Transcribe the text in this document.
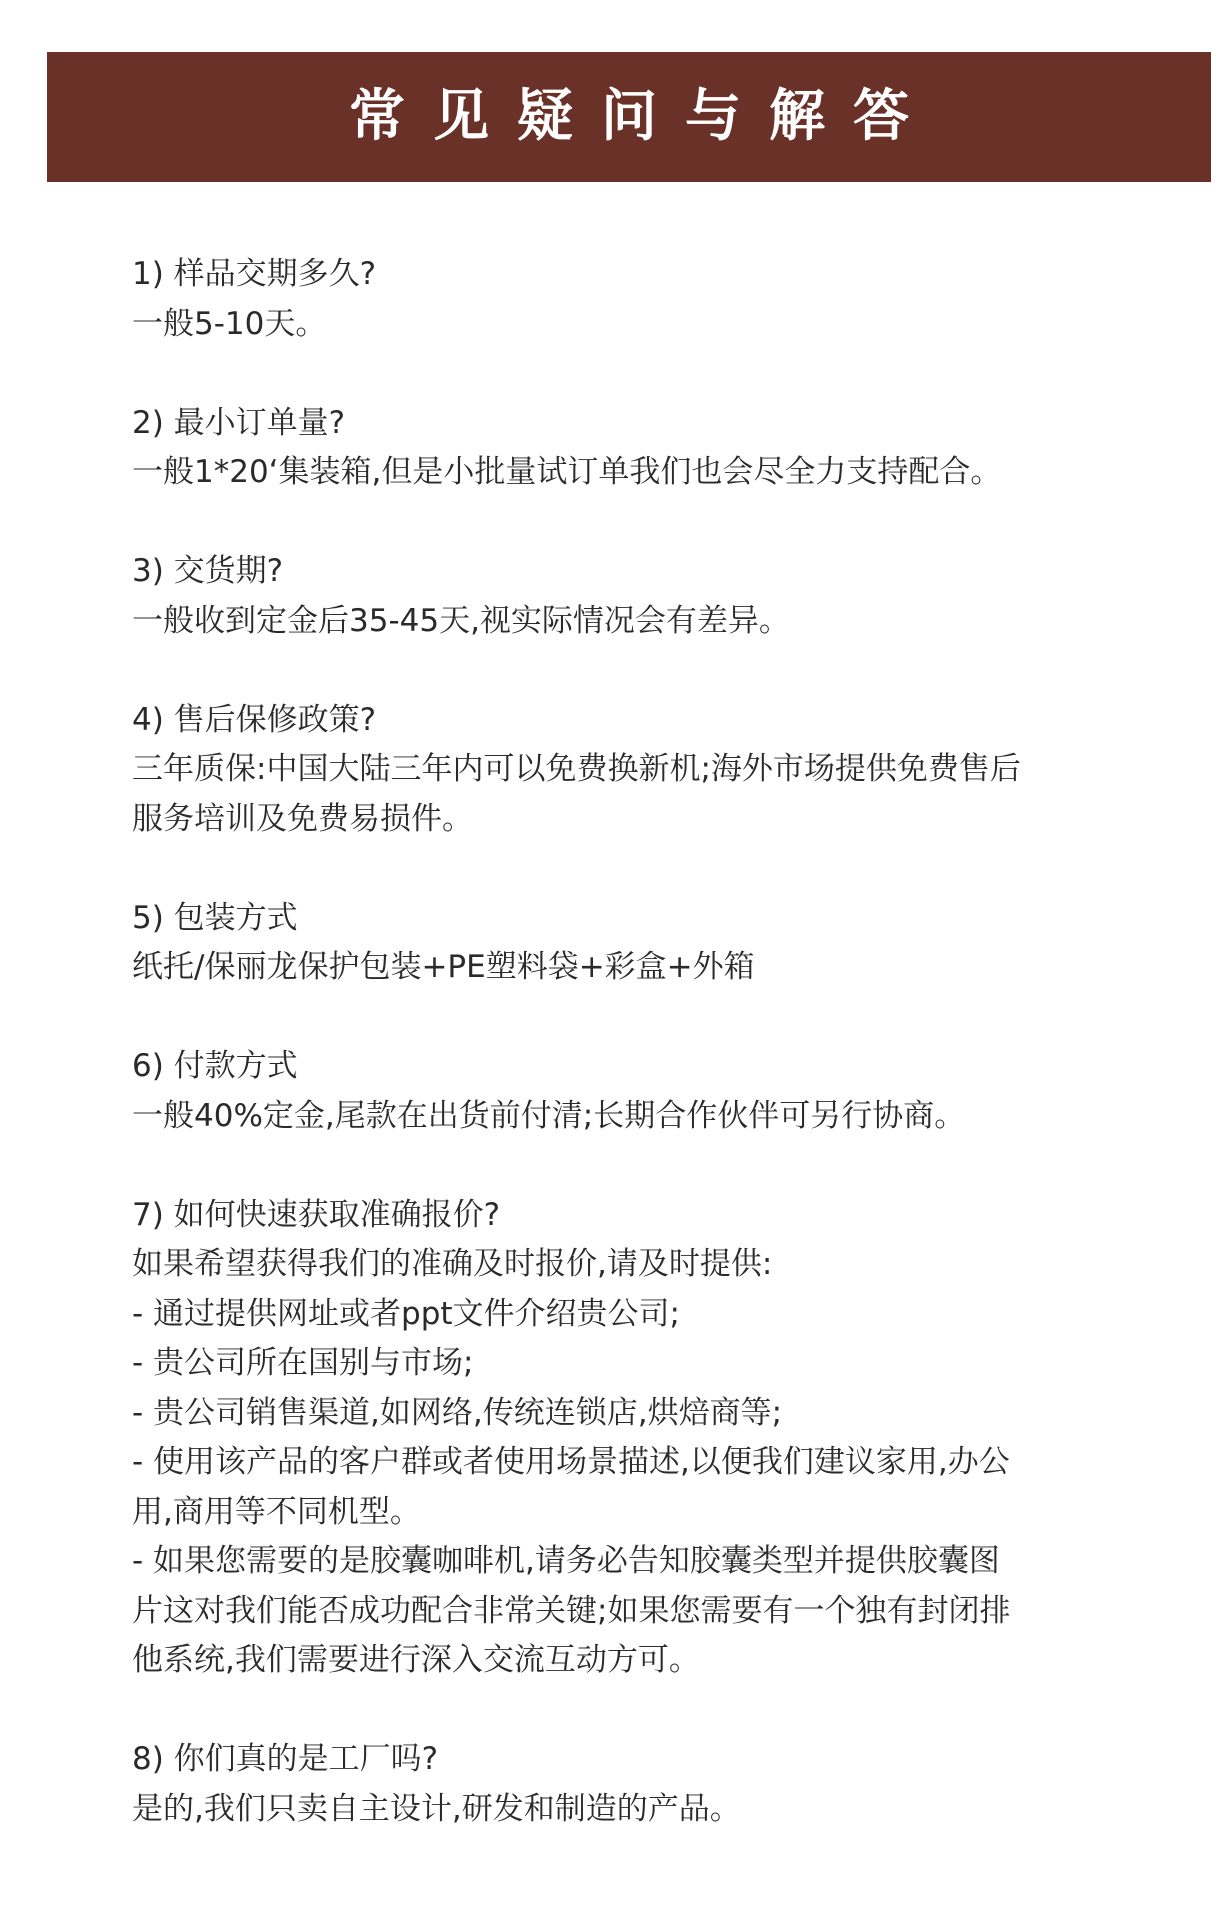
常见疑问与解答
1) 样品交期多久?
一般5-10天。
2) 最小订单量?
一般1*20‘集装箱,但是小批量试订单我们也会尽全力支持配合。
3) 交货期?
一般收到定金后35-45天,视实际情况会有差异。
4) 售后保修政策?
三年质保:中国大陆三年内可以免费换新机;海外市场提供免费售后
服务培训及免费易损件。
5) 包装方式
纸托/保丽龙保护包装+PE塑料袋+彩盒+外箱
6) 付款方式
一般40%定金,尾款在出货前付清;长期合作伙伴可另行协商。
7) 如何快速获取准确报价?
如果希望获得我们的准确及时报价,请及时提供:
- 通过提供网址或者ppt文件介绍贵公司;
- 贵公司所在国别与市场;
- 贵公司销售渠道,如网络,传统连锁店,烘焙商等;
- 使用该产品的客户群或者使用场景描述,以便我们建议家用,办公
用,商用等不同机型。
- 如果您需要的是胶囊咖啡机,请务必告知胶囊类型并提供胶囊图
片这对我们能否成功配合非常关键;如果您需要有一个独有封闭排
他系统,我们需要进行深入交流互动方可。
8) 你们真的是工厂吗?
是的,我们只卖自主设计,研发和制造的产品。
